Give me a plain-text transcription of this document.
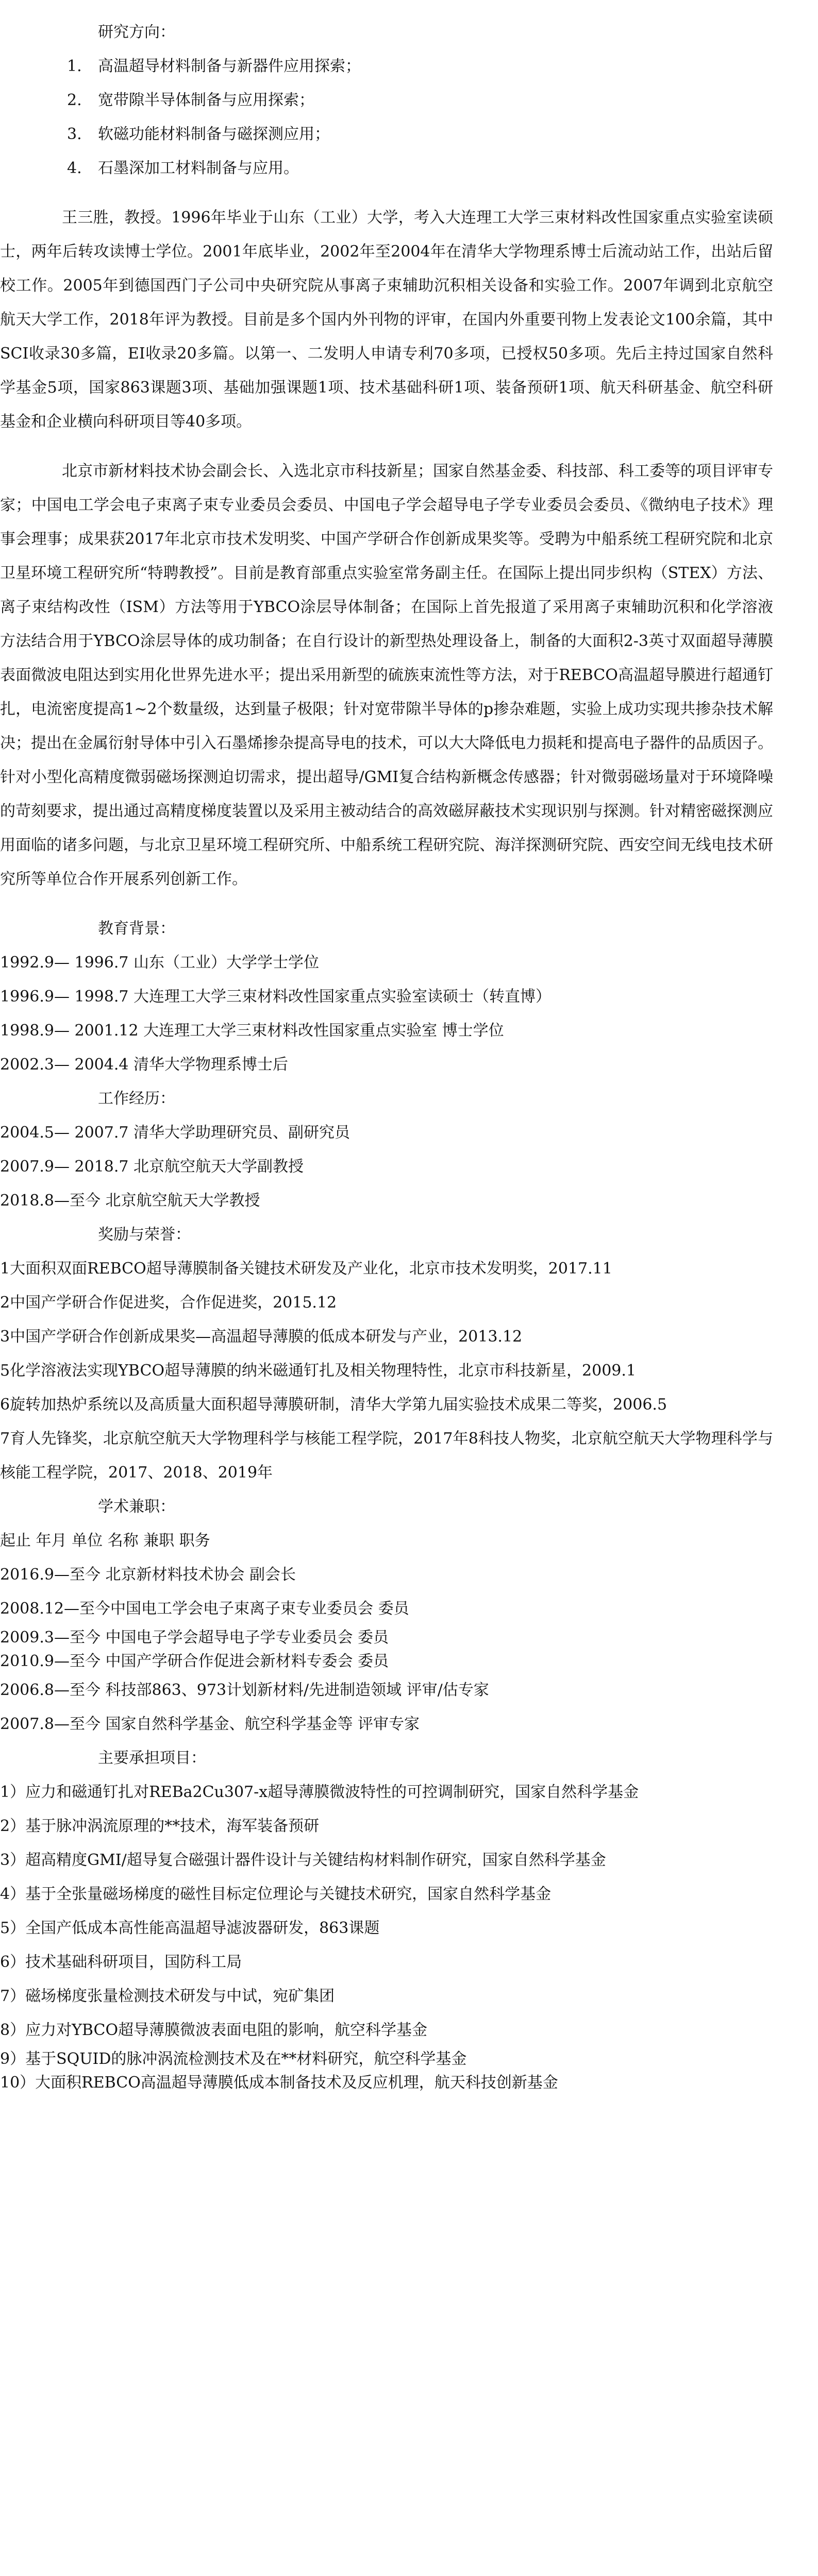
研究方向：
1. 高温超导材料制备与新器件应用探索；
2. 宽带隙半导体制备与应用探索；
3. 软磁功能材料制备与磁探测应用；
4. 石墨深加工材料制备与应用。

王三胜，教授。1996年毕业于山东（工业）大学，考入大连理工大学三束材料改性国家重点实验室读硕士，两年后转攻读博士学位。2001年底毕业，2002年至2004年在清华大学物理系博士后流动站工作，出站后留校工作。2005年到德国西门子公司中央研究院从事离子束辅助沉积相关设备和实验工作。2007年调到北京航空航天大学工作，2018年评为教授。目前是多个国内外刊物的评审，在国内外重要刊物上发表论文100余篇，其中SCI收录30多篇，EI收录20多篇。以第一、二发明人申请专利70多项，已授权50多项。先后主持过国家自然科学基金5项，国家863课题3项、基础加强课题1项、技术基础科研1项、装备预研1项、航天科研基金、航空科研基金和企业横向科研项目等40多项。

北京市新材料技术协会副会长、入选北京市科技新星；国家自然基金委、科技部、科工委等的项目评审专家；中国电工学会电子束离子束专业委员会委员、中国电子学会超导电子学专业委员会委员、《微纳电子技术》理事会理事；成果获2017年北京市技术发明奖、中国产学研合作创新成果奖等。受聘为中船系统工程研究院和北京卫星环境工程研究所“特聘教授”。目前是教育部重点实验室常务副主任。在国际上提出同步织构（STEX）方法、离子束结构改性（ISM）方法等用于YBCO涂层导体制备；在国际上首先报道了采用离子束辅助沉积和化学溶液方法结合用于YBCO涂层导体的成功制备；在自行设计的新型热处理设备上，制备的大面积2-3英寸双面超导薄膜表面微波电阻达到实用化世界先进水平；提出采用新型的硫族束流性等方法，对于REBCO高温超导膜进行超通钉扎，电流密度提高1~2个数量级，达到量子极限；针对宽带隙半导体的p掺杂难题，实验上成功实现共掺杂技术解决；提出在金属衍射导体中引入石墨烯掺杂提高导电的技术，可以大大降低电力损耗和提高电子器件的品质因子。针对小型化高精度微弱磁场探测迫切需求，提出超导/GMI复合结构新概念传感器；针对微弱磁场量对于环境降噪的苛刻要求，提出通过高精度梯度装置以及采用主被动结合的高效磁屏蔽技术实现识别与探测。针对精密磁探测应用面临的诸多问题，与北京卫星环境工程研究所、中船系统工程研究院、海洋探测研究院、西安空间无线电技术研究所等单位合作开展系列创新工作。

教育背景：

1992.9— 1996.7 山东（工业）大学学士学位

1996.9— 1998.7 大连理工大学三束材料改性国家重点实验室读硕士（转直博）

1998.9— 2001.12 大连理工大学三束材料改性国家重点实验室 博士学位

2002.3— 2004.4 清华大学物理系博士后

工作经历：

2004.5— 2007.7 清华大学助理研究员、副研究员

2007.9— 2018.7 北京航空航天大学副教授

2018.8—至今 北京航空航天大学教授

奖励与荣誉：

1大面积双面REBCO超导薄膜制备关键技术研发及产业化，北京市技术发明奖，2017.11

2中国产学研合作促进奖，合作促进奖，2015.12

3中国产学研合作创新成果奖—高温超导薄膜的低成本研发与产业，2013.12

5化学溶液法实现YBCO超导薄膜的纳米磁通钉扎及相关物理特性，北京市科技新星，2009.1

6旋转加热炉系统以及高质量大面积超导薄膜研制，清华大学第九届实验技术成果二等奖，2006.5

7育人先锋奖，北京航空航天大学物理科学与核能工程学院，2017年8科技人物奖，北京航空航天大学物理科学与核能工程学院，2017、2018、2019年

学术兼职：

起止 年月 单位 名称 兼职 职务

2016.9—至今 北京新材料技术协会 副会长

2008.12—至今中国电工学会电子束离子束专业委员会 委员

2009.3—至今 中国电子学会超导电子学专业委员会 委员

2010.9—至今 中国产学研合作促进会新材料专委会 委员

2006.8—至今 科技部863、973计划新材料/先进制造领域 评审/估专家

2007.8—至今 国家自然科学基金、航空科学基金等 评审专家

主要承担项目：

1）应力和磁通钉扎对REBa2Cu307-x超导薄膜微波特性的可控调制研究，国家自然科学基金

2）基于脉冲涡流原理的**技术，海军装备预研

3）超高精度GMI/超导复合磁强计器件设计与关键结构材料制作研究，国家自然科学基金

4）基于全张量磁场梯度的磁性目标定位理论与关键技术研究，国家自然科学基金

5）全国产低成本高性能高温超导滤波器研发，863课题

6）技术基础科研项目，国防科工局

7）磁场梯度张量检测技术研发与中试，宛矿集团

8）应力对YBCO超导薄膜微波表面电阻的影响，航空科学基金

9）基于SQUID的脉冲涡流检测技术及在**材料研究，航空科学基金

10）大面积REBCO高温超导薄膜低成本制备技术及反应机理，航天科技创新基金
